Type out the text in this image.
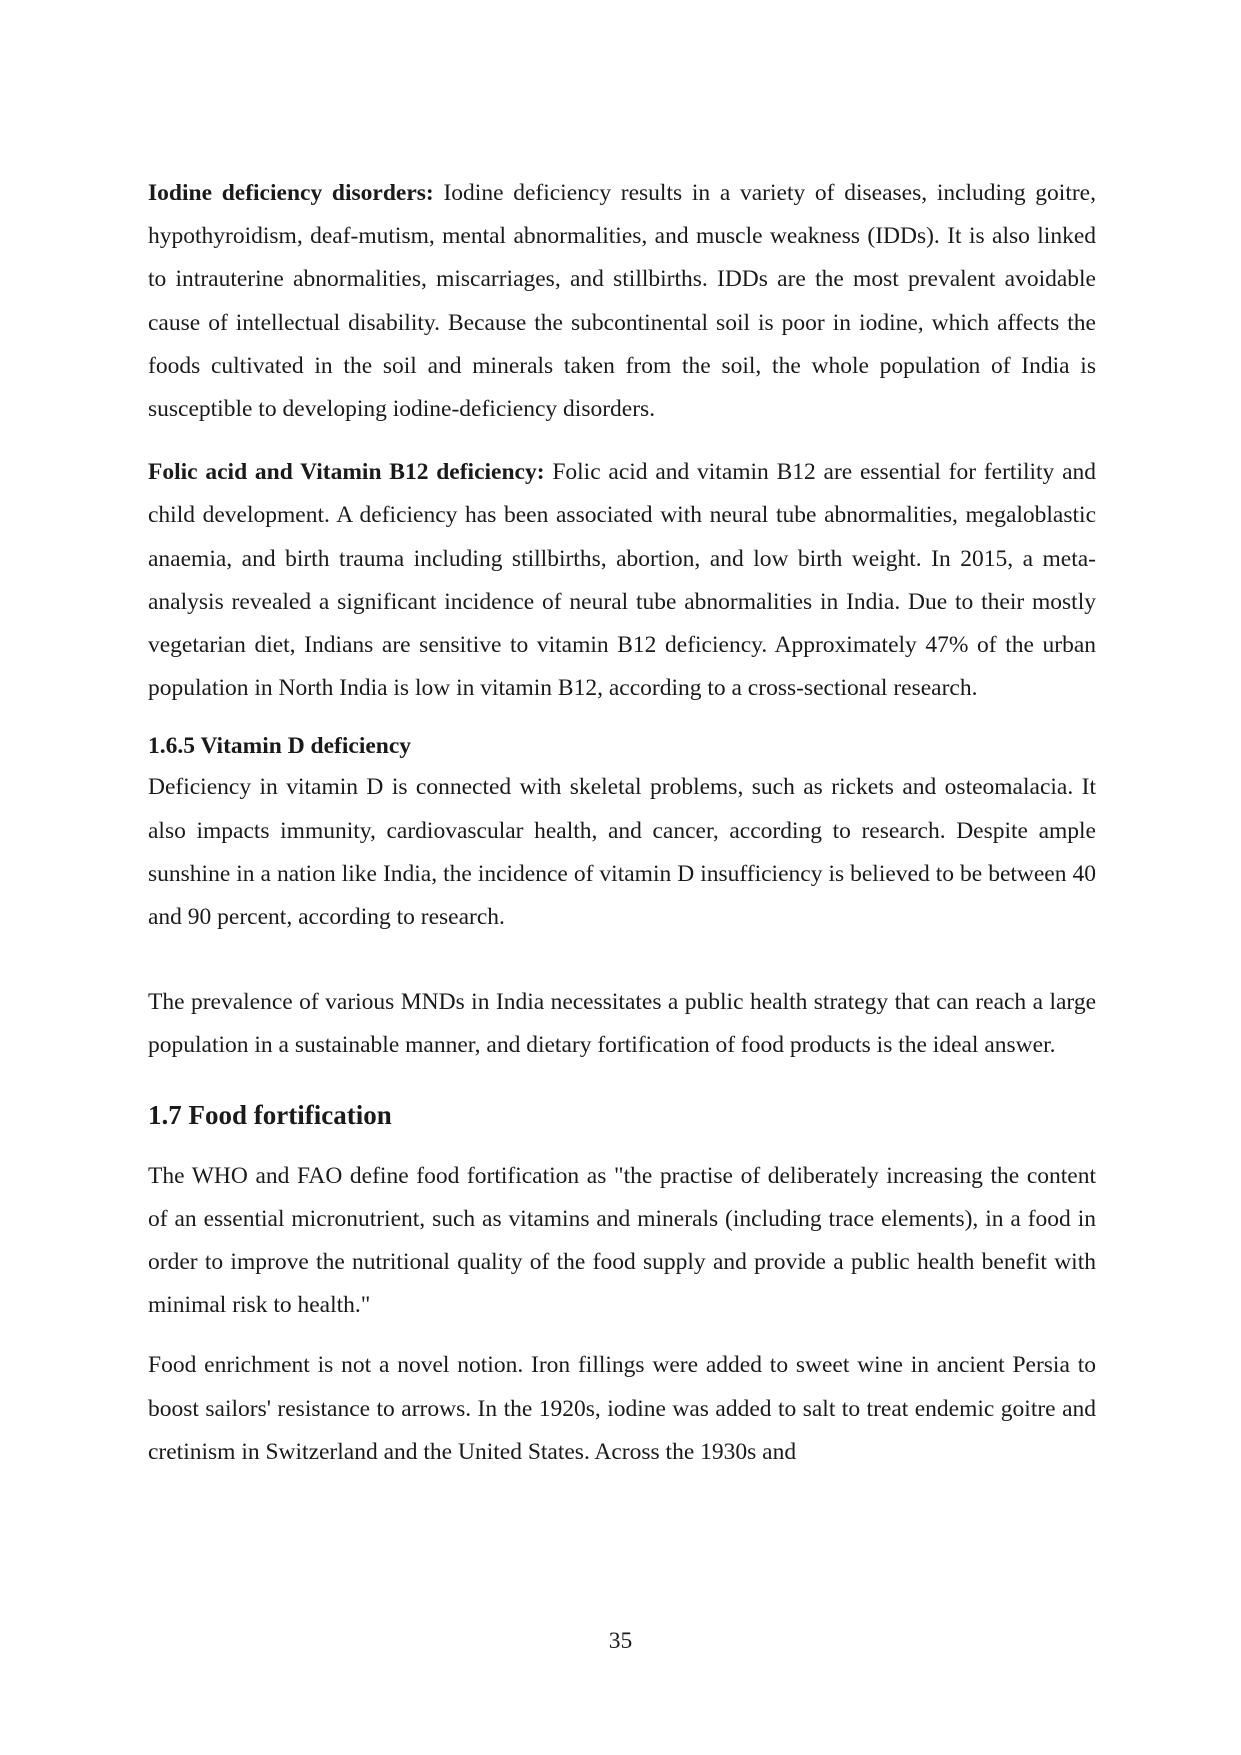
Iodine deficiency disorders: Iodine deficiency results in a variety of diseases, including goitre, hypothyroidism, deaf-mutism, mental abnormalities, and muscle weakness (IDDs). It is also linked to intrauterine abnormalities, miscarriages, and stillbirths. IDDs are the most prevalent avoidable cause of intellectual disability. Because the subcontinental soil is poor in iodine, which affects the foods cultivated in the soil and minerals taken from the soil, the whole population of India is susceptible to developing iodine-deficiency disorders.

Folic acid and Vitamin B12 deficiency: Folic acid and vitamin B12 are essential for fertility and child development. A deficiency has been associated with neural tube abnormalities, megaloblastic anaemia, and birth trauma including stillbirths, abortion, and low birth weight. In 2015, a meta-analysis revealed a significant incidence of neural tube abnormalities in India. Due to their mostly vegetarian diet, Indians are sensitive to vitamin B12 deficiency. Approximately 47% of the urban population in North India is low in vitamin B12, according to a cross-sectional research.

1.6.5 Vitamin D deficiency

Deficiency in vitamin D is connected with skeletal problems, such as rickets and osteomalacia. It also impacts immunity, cardiovascular health, and cancer, according to research. Despite ample sunshine in a nation like India, the incidence of vitamin D insufficiency is believed to be between 40 and 90 percent, according to research.

The prevalence of various MNDs in India necessitates a public health strategy that can reach a large population in a sustainable manner, and dietary fortification of food products is the ideal answer.

1.7 Food fortification

The WHO and FAO define food fortification as "the practise of deliberately increasing the content of an essential micronutrient, such as vitamins and minerals (including trace elements), in a food in order to improve the nutritional quality of the food supply and provide a public health benefit with minimal risk to health."

Food enrichment is not a novel notion. Iron fillings were added to sweet wine in ancient Persia to boost sailors' resistance to arrows. In the 1920s, iodine was added to salt to treat endemic goitre and cretinism in Switzerland and the United States. Across the 1930s and

35
